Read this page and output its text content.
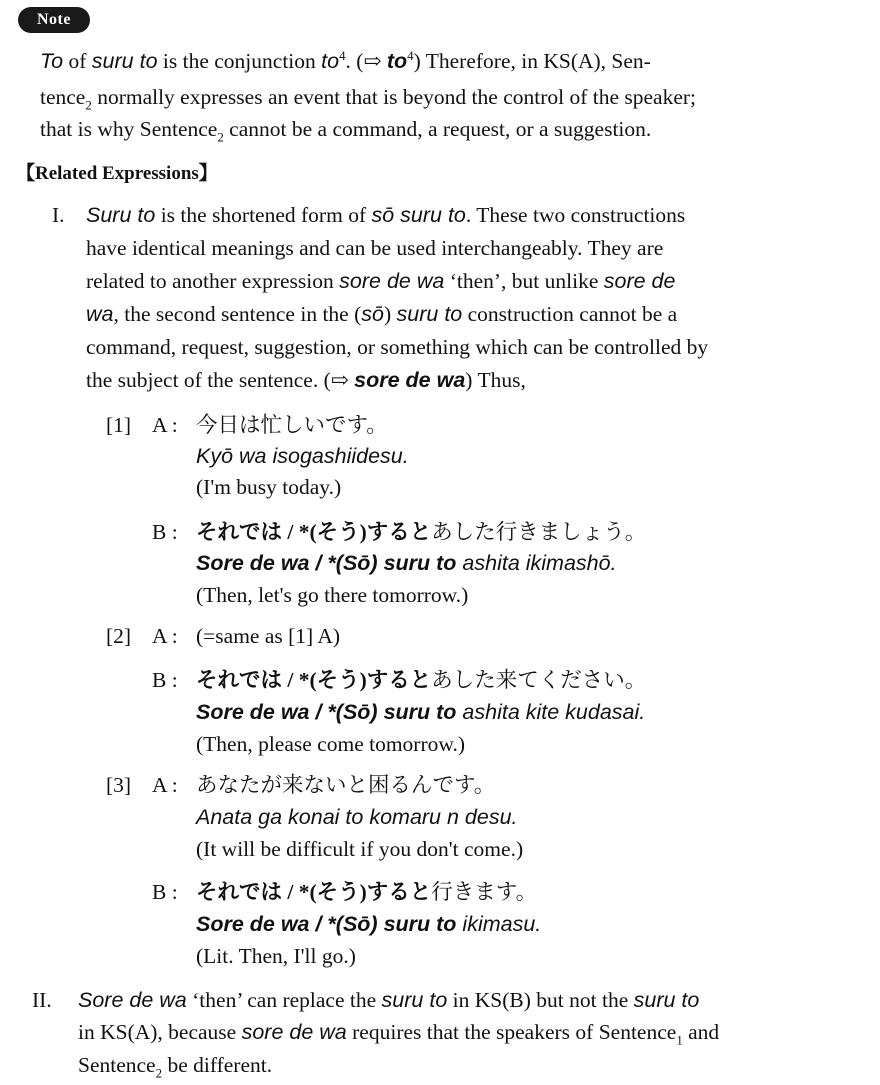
Note
To of suru to is the conjunction $to^4$. (⇨ $to^4$) Therefore, in KS(A), Sen-
tence$_2$ normally expresses an event that is beyond the control of the speaker;
that is why Sentence$_2$ cannot be a command, a request, or a suggestion.
【Related Expressions】
I. Suru to is the shortened form of sō suru to. These two constructions
have identical meanings and can be used interchangeably. They are
related to another expression sore de wa ‘then’, but unlike sore de
wa, the second sentence in the (sō) suru to construction cannot be a
command, request, suggestion, or something which can be controlled by
the subject of the sentence. (⇨ sore de wa) Thus,
[1] A : 今日は忙しいです。
Kyō wa isogashiidesu.
(I'm busy today.)
B : それでは / *(そう)するとあした行きましょう。
Sore de wa / *(Sō) suru to ashita ikimashō.
(Then, let's go there tomorrow.)
[2] A : (=same as [1] A)
B : それでは / *(そう)するとあした来てください。
Sore de wa / *(Sō) suru to ashita kite kudasai.
(Then, please come tomorrow.)
[3] A : あなたが来ないと困るんです。
Anata ga konai to komaru n desu.
(It will be difficult if you don't come.)
B : それでは / *(そう)すると行きます。
Sore de wa / *(Sō) suru to ikimasu.
(Lit. Then, I'll go.)
II. Sore de wa ‘then’ can replace the suru to in KS(B) but not the suru to
in KS(A), because sore de wa requires that the speakers of Sentence$_1$ and
Sentence$_2$ be different.
